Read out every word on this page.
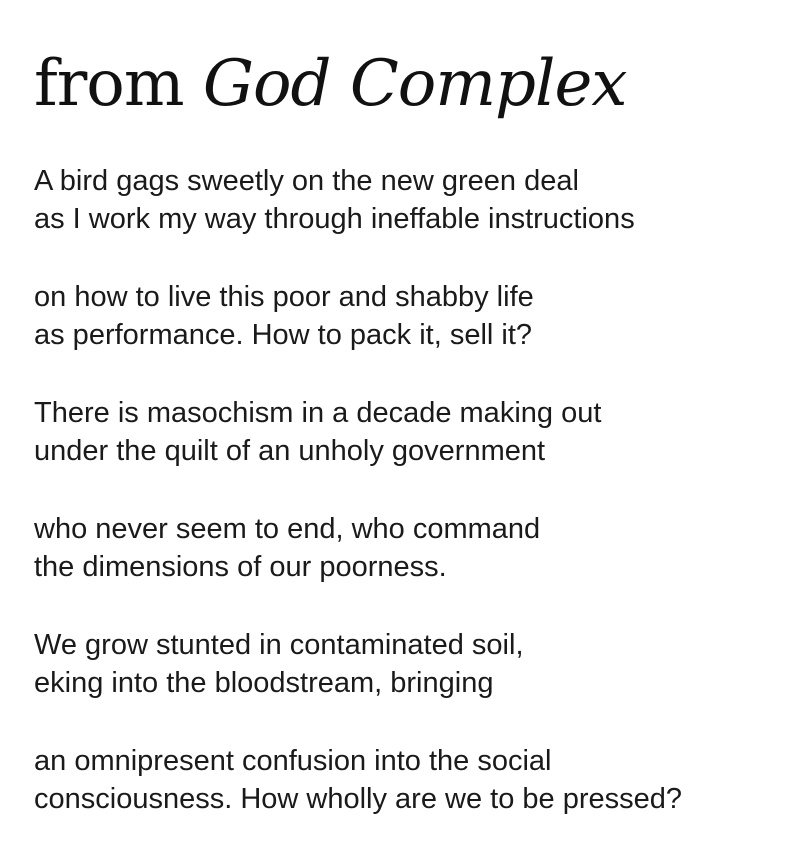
from God Complex

A bird gags sweetly on the new green deal
as I work my way through ineffable instructions

on how to live this poor and shabby life
as performance. How to pack it, sell it?

There is masochism in a decade making out
under the quilt of an unholy government

who never seem to end, who command
the dimensions of our poorness.

We grow stunted in contaminated soil,
eking into the bloodstream, bringing

an omnipresent confusion into the social
consciousness. How wholly are we to be pressed?
